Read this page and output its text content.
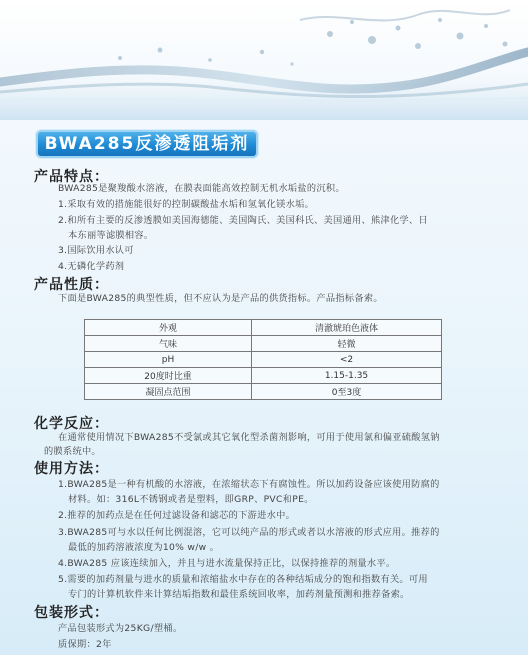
BWA285反渗透阻垢剂
产品特点：
BWA285是聚羧酸水溶液，在膜表面能高效控制无机水垢盐的沉积。
1.采取有效的措施能很好的控制碳酸盐水垢和氢氧化镁水垢。
2.和所有主要的反渗透膜如美国海德能、美国陶氏、美国科氏、美国通用、熊津化学、日
本东丽等滤膜相容。
3.国际饮用水认可
4.无磷化学药剂
产品性质：
下面是BWA285的典型性质，但不应认为是产品的供货指标。产品指标备索。
外观	清澈琥珀色液体
气味	轻微
pH	<2
20度时比重	1.15-1.35
凝固点范围	0至3度
化学反应：
在通常使用情况下BWA285不受氯或其它氧化型杀菌剂影响，可用于使用氯和偏亚硫酸氢钠
的膜系统中。
使用方法：
1.BWA285是一种有机酸的水溶液，在浓缩状态下有腐蚀性。所以加药设备应该使用防腐的
材料。如：316L不锈钢或者是塑料，即GRP、PVC和PE。
2.推荐的加药点是在任何过滤设备和滤芯的下游进水中。
3.BWA285可与水以任何比例混溶，它可以纯产品的形式或者以水溶液的形式应用。推荐的
最低的加药溶液浓度为10% w/w 。
4.BWA285 应该连续加入，并且与进水流量保持正比，以保持推荐的剂量水平。
5.需要的加药剂量与进水的质量和浓缩盐水中存在的各种结垢成分的饱和指数有关。可用
专门的计算机软件来计算结垢指数和最佳系统回收率，加药剂量预测和推荐备索。
包装形式：
产品包装形式为25KG/塑桶。
质保期：2年
